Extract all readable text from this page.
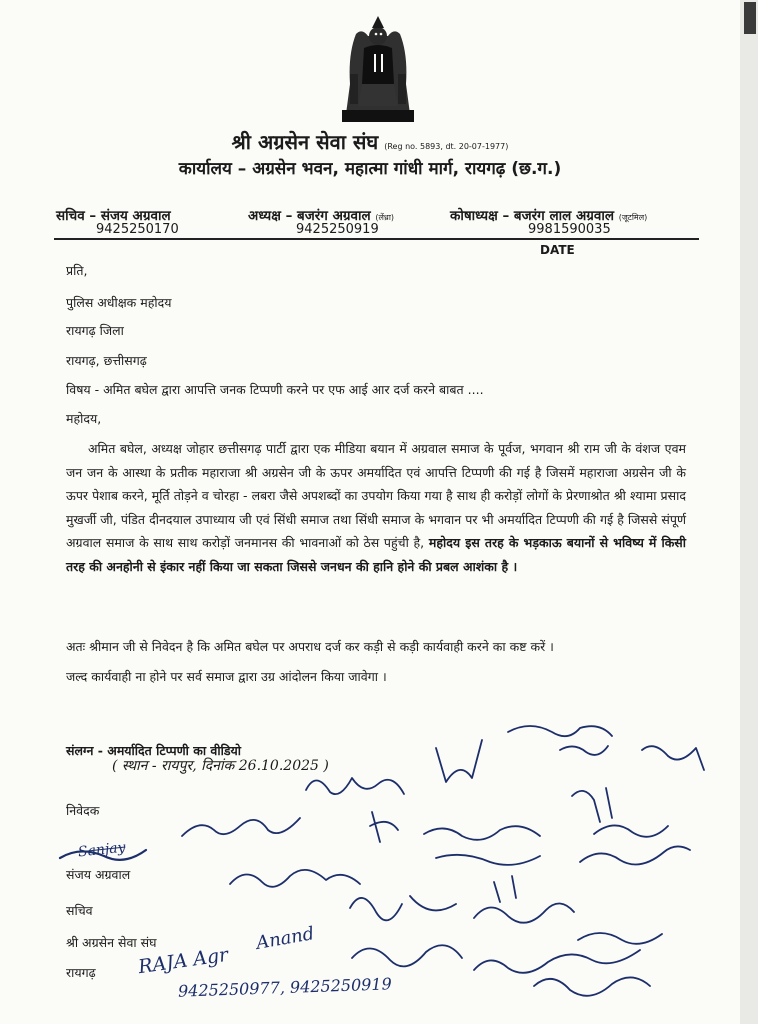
श्री अग्रसेन सेवा संघ (Reg no. 5893, dt. 20-07-1977)
कार्यालय – अग्रसेन भवन, महात्मा गांधी मार्ग, रायगढ़ (छ.ग.)
सचिव – संजय अग्रवाल
9425250170
अध्यक्ष – बजरंग अग्रवाल (लेंध्रा)
9425250919
कोषाध्यक्ष – बजरंग लाल अग्रवाल (जूटमिल)
9981590035
DATE
प्रति,
पुलिस अधीक्षक महोदय
रायगढ़ जिला
रायगढ़, छत्तीसगढ़
विषय - अमित बघेल द्वारा आपत्ति जनक टिप्पणी करने पर एफ आई आर दर्ज करने बाबत ....
महोदय,
अमित बघेल, अध्यक्ष जोहार छत्तीसगढ़ पार्टी द्वारा एक मीडिया बयान में अग्रवाल समाज के पूर्वज, भगवान श्री राम जी के वंशज एवम जन जन के आस्था के प्रतीक महाराजा श्री अग्रसेन जी के ऊपर अमर्यादित एवं आपत्ति टिप्पणी की गई है जिसमें महाराजा अग्रसेन जी के ऊपर पेशाब करने, मूर्ति तोड़ने व चोरहा - लबरा जैसे अपशब्दों का उपयोग किया गया है साथ ही करोड़ों लोगों के प्रेरणाश्रोत श्री श्यामा प्रसाद मुखर्जी जी, पंडित दीनदयाल उपाध्याय जी एवं सिंधी समाज तथा सिंधी समाज के भगवान पर भी अमर्यादित टिप्पणी की गई है जिससे संपूर्ण अग्रवाल समाज के साथ साथ करोड़ों जनमानस की भावनाओं को ठेस पहुंची है, महोदय इस तरह के भड़काऊ बयानों से भविष्य में किसी तरह की अनहोनी से इंकार नहीं किया जा सकता जिससे जनधन की हानि होने की प्रबल आशंका है ।
अतः श्रीमान जी से निवेदन है कि अमित बघेल पर अपराध दर्ज कर कड़ी से कड़ी कार्यवाही करने का कष्ट करें ।
जल्द कार्यवाही ना होने पर सर्व समाज द्वारा उग्र आंदोलन किया जावेगा ।
संलग्न - अमर्यादित टिप्पणी का वीडियो
निवेदक
संजय अग्रवाल
सचिव
श्री अग्रसेन सेवा संघ
रायगढ़
( स्थान - रायपुर, दिनांक 26.10.2025 )
RAJA Agr
Anand
9425250977, 9425250919
Sanjay
